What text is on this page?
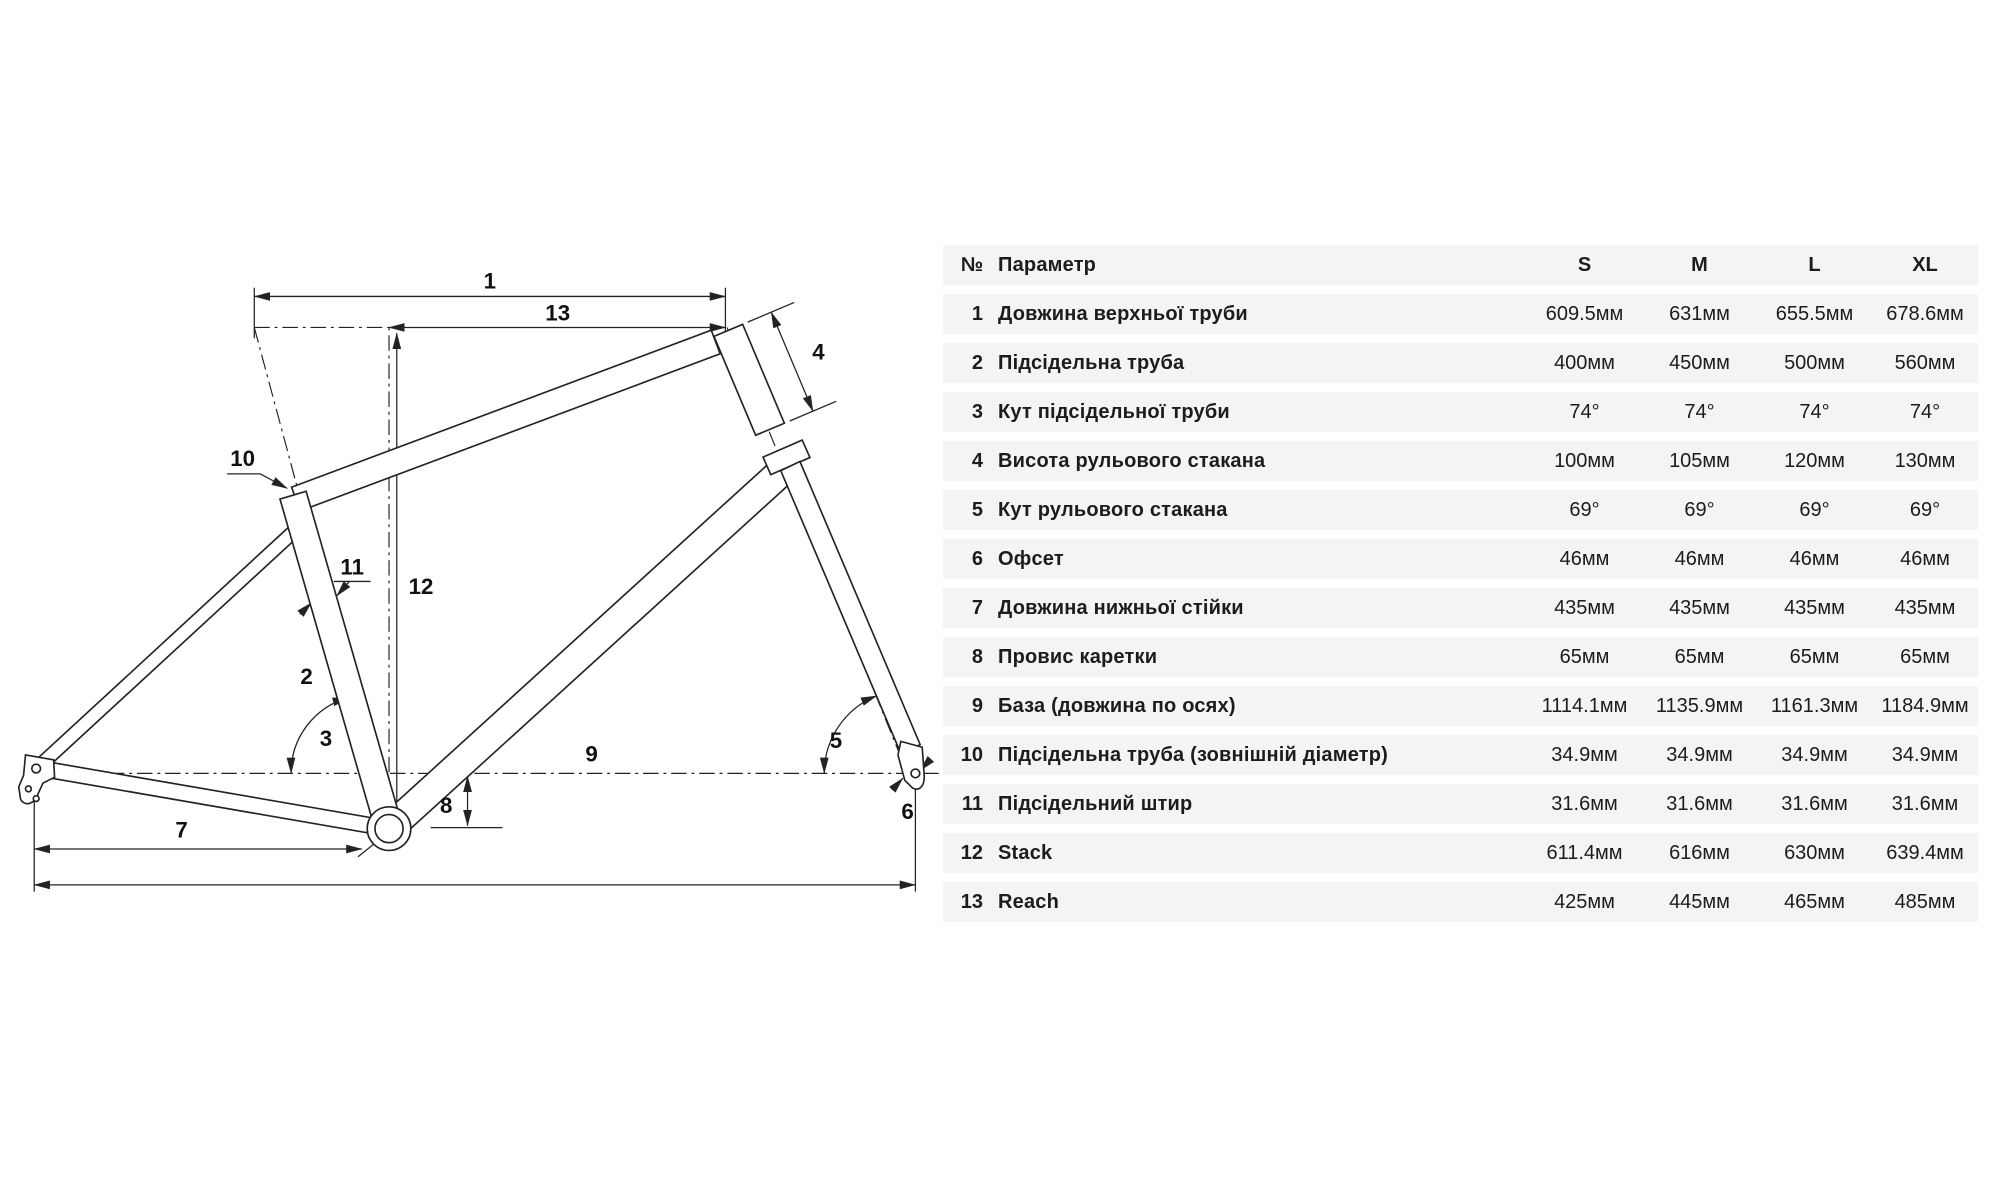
1
13
4
10
11
12
2
3	5
6
7
8
9
№ Параметр	S	M	L	XL
1 Довжина верхньої труби	609.5мм	631мм	655.5мм	678.6мм
2 Підсідельна труба	400мм	450мм	500мм	560мм
3 Кут підсідельної труби	74°	74°	74°	74°
4 Висота рульового стакана	100мм	105мм	120мм	130мм
5 Кут рульового стакана	69°	69°	69°	69°
6 Офсет	46мм	46мм	46мм	46мм
7 Довжина нижньої стійки	435мм	435мм	435мм	435мм
8 Провис каретки	65мм	65мм	65мм	65мм
9 База (довжина по осях)	1114.1мм	1135.9мм	1161.3мм	1184.9мм
10 Підсідельна труба (зовнішній діаметр)	34.9мм	34.9мм	34.9мм	34.9мм
11 Підсідельний штир	31.6мм	31.6мм	31.6мм	31.6мм
12 Stack	611.4мм	616мм	630мм	639.4мм
13 Reach	425мм	445мм	465мм	485мм
